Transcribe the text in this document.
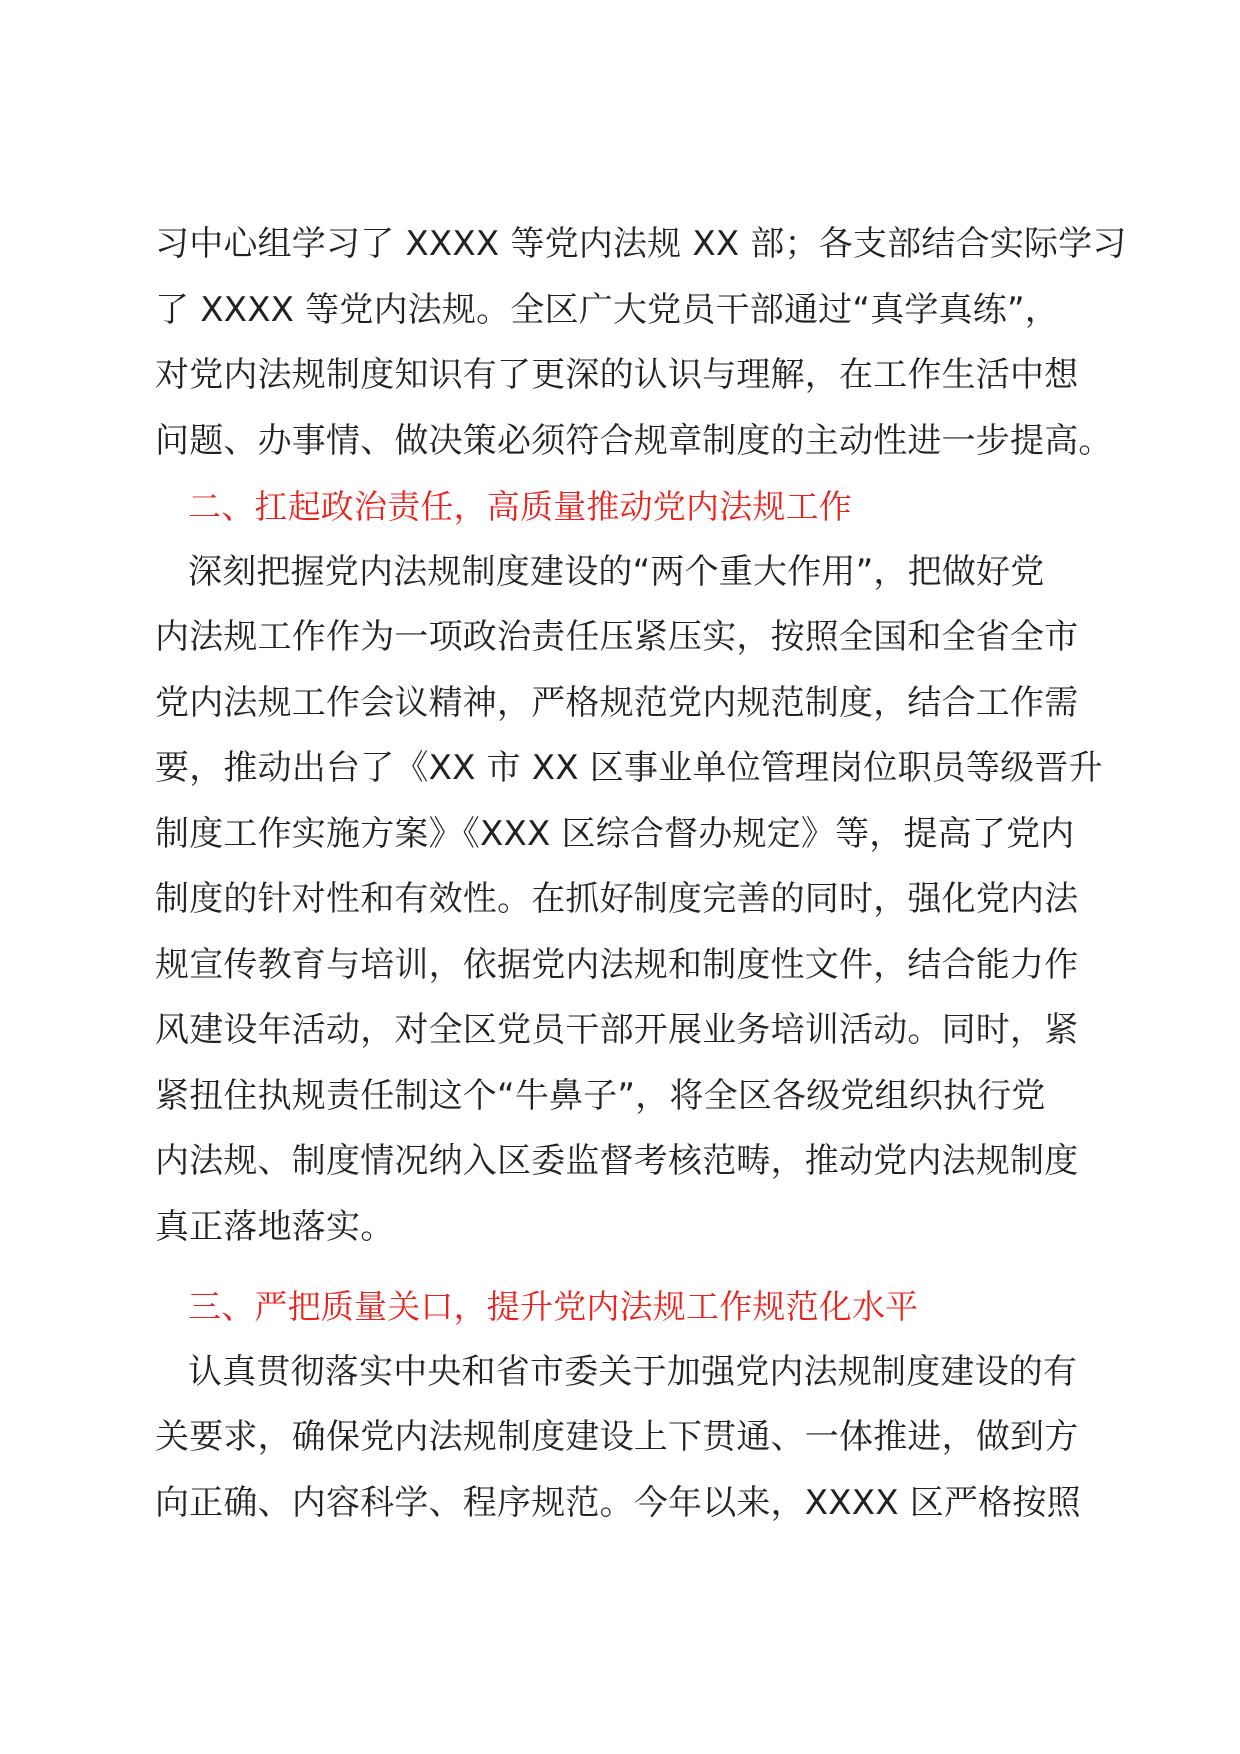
习中心组学习了 XXXX 等党内法规 XX 部；各支部结合实际学习
了 XXXX 等党内法规。全区广大党员干部通过“真学真练”，
对党内法规制度知识有了更深的认识与理解，在工作生活中想
问题、办事情、做决策必须符合规章制度的主动性进一步提高。
二、扛起政治责任，高质量推动党内法规工作
深刻把握党内法规制度建设的“两个重大作用”，把做好党
内法规工作作为一项政治责任压紧压实，按照全国和全省全市
党内法规工作会议精神，严格规范党内规范制度，结合工作需
要，推动出台了《XX 市 XX 区事业单位管理岗位职员等级晋升
制度工作实施方案》《XXX 区综合督办规定》等，提高了党内
制度的针对性和有效性。在抓好制度完善的同时，强化党内法
规宣传教育与培训，依据党内法规和制度性文件，结合能力作
风建设年活动，对全区党员干部开展业务培训活动。同时，紧
紧扭住执规责任制这个“牛鼻子”，将全区各级党组织执行党
内法规、制度情况纳入区委监督考核范畴，推动党内法规制度
真正落地落实。
三、严把质量关口，提升党内法规工作规范化水平
认真贯彻落实中央和省市委关于加强党内法规制度建设的有
关要求，确保党内法规制度建设上下贯通、一体推进，做到方
向正确、内容科学、程序规范。今年以来，XXXX 区严格按照
